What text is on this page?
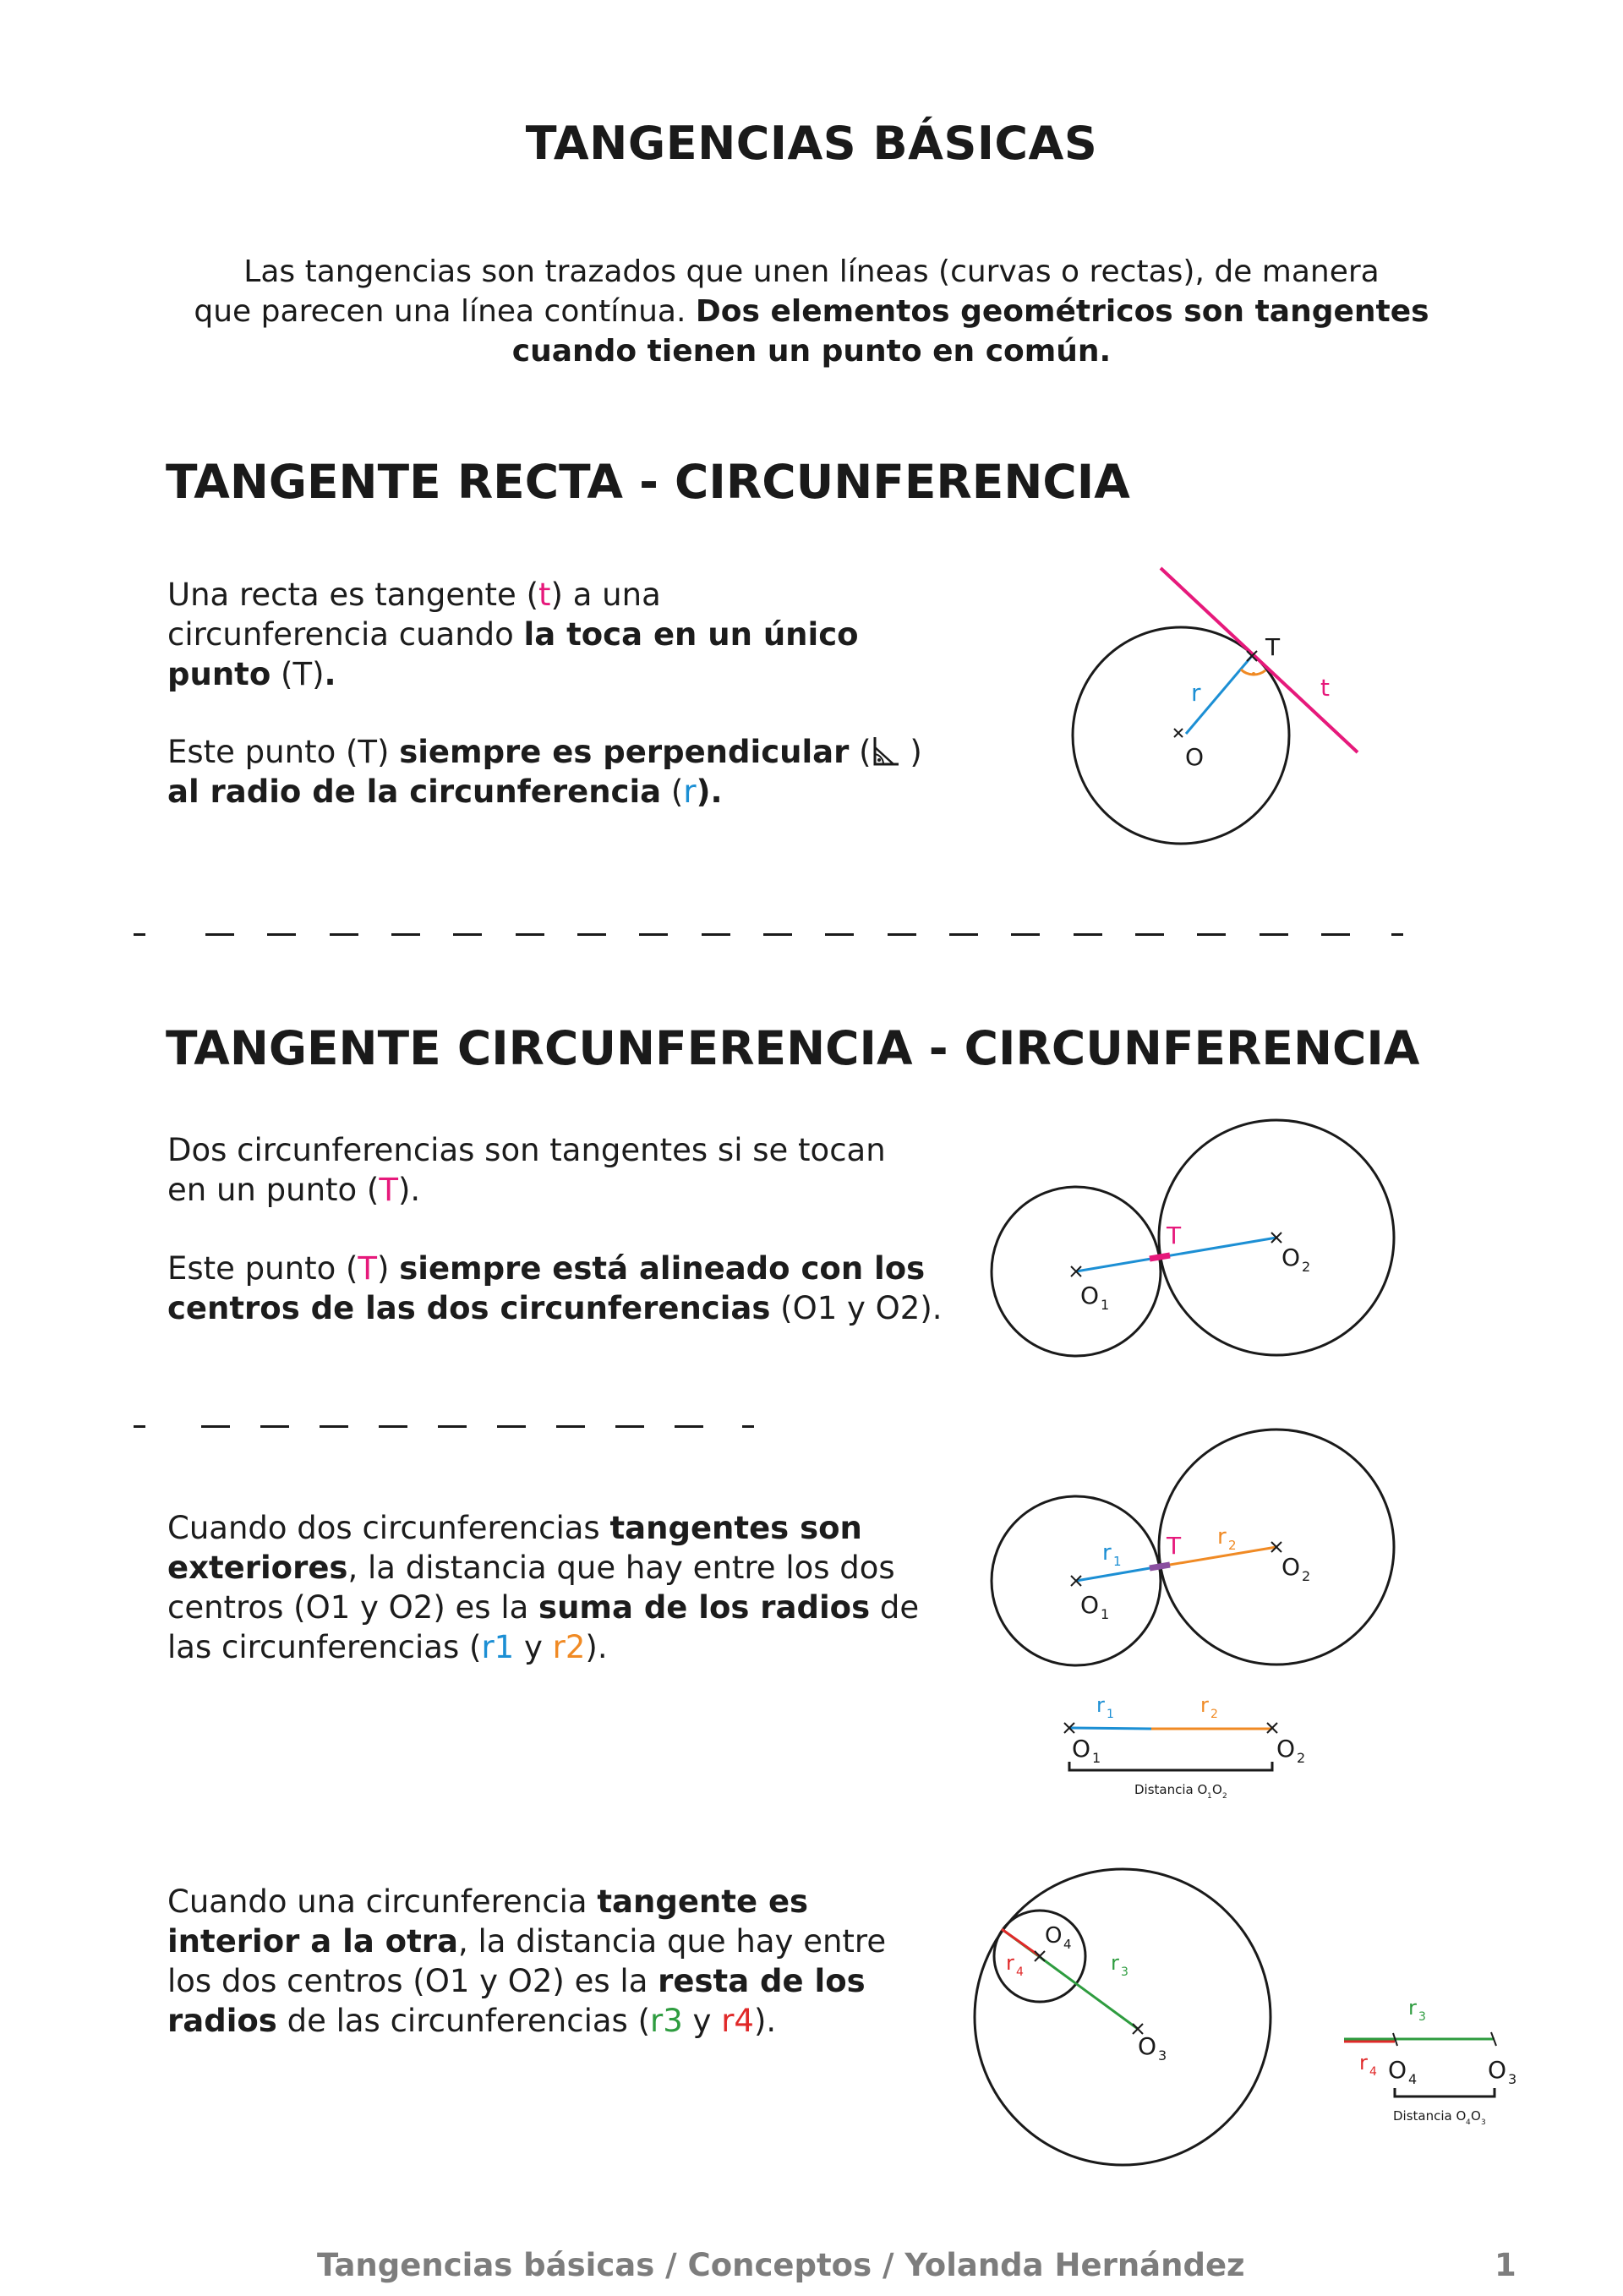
TANGENCIAS BÁSICAS
Las tangencias son trazados que unen líneas (curvas o rectas), de manera
que parecen una línea contínua. Dos elementos geométricos son tangentes
cuando tienen un punto en común.
TANGENTE RECTA - CIRCUNFERENCIA
Una recta es tangente (t) a una
circunferencia cuando la toca en un único
punto (T).
Este punto (T) siempre es perpendicular ( )
al radio de la circunferencia (r).
T
t
r
O
TANGENTE CIRCUNFERENCIA - CIRCUNFERENCIA
Dos circunferencias son tangentes si se tocan
en un punto (T).
Este punto (T) siempre está alineado con los
centros de las dos circunferencias (O1 y O2).
T
O 1
O 2
Cuando dos circunferencias tangentes son
exteriores, la distancia que hay entre los dos
centros (O1 y O2) es la suma de los radios de
las circunferencias (r1 y r2).
T
r 1
r 2
O 1
O 2
r 1	r 2
O 1	O 2
Distancia O 1 O 2
Cuando una circunferencia tangente es
interior a la otra, la distancia que hay entre
los dos centros (O1 y O2) es la resta de los
radios de las circunferencias (r3 y r4).
O 4
r 4	r 3
O 3
r 3
r 4 O 4	O 3
Distancia O 4 O 3
Tangencias básicas / Conceptos / Yolanda Hernández	1
